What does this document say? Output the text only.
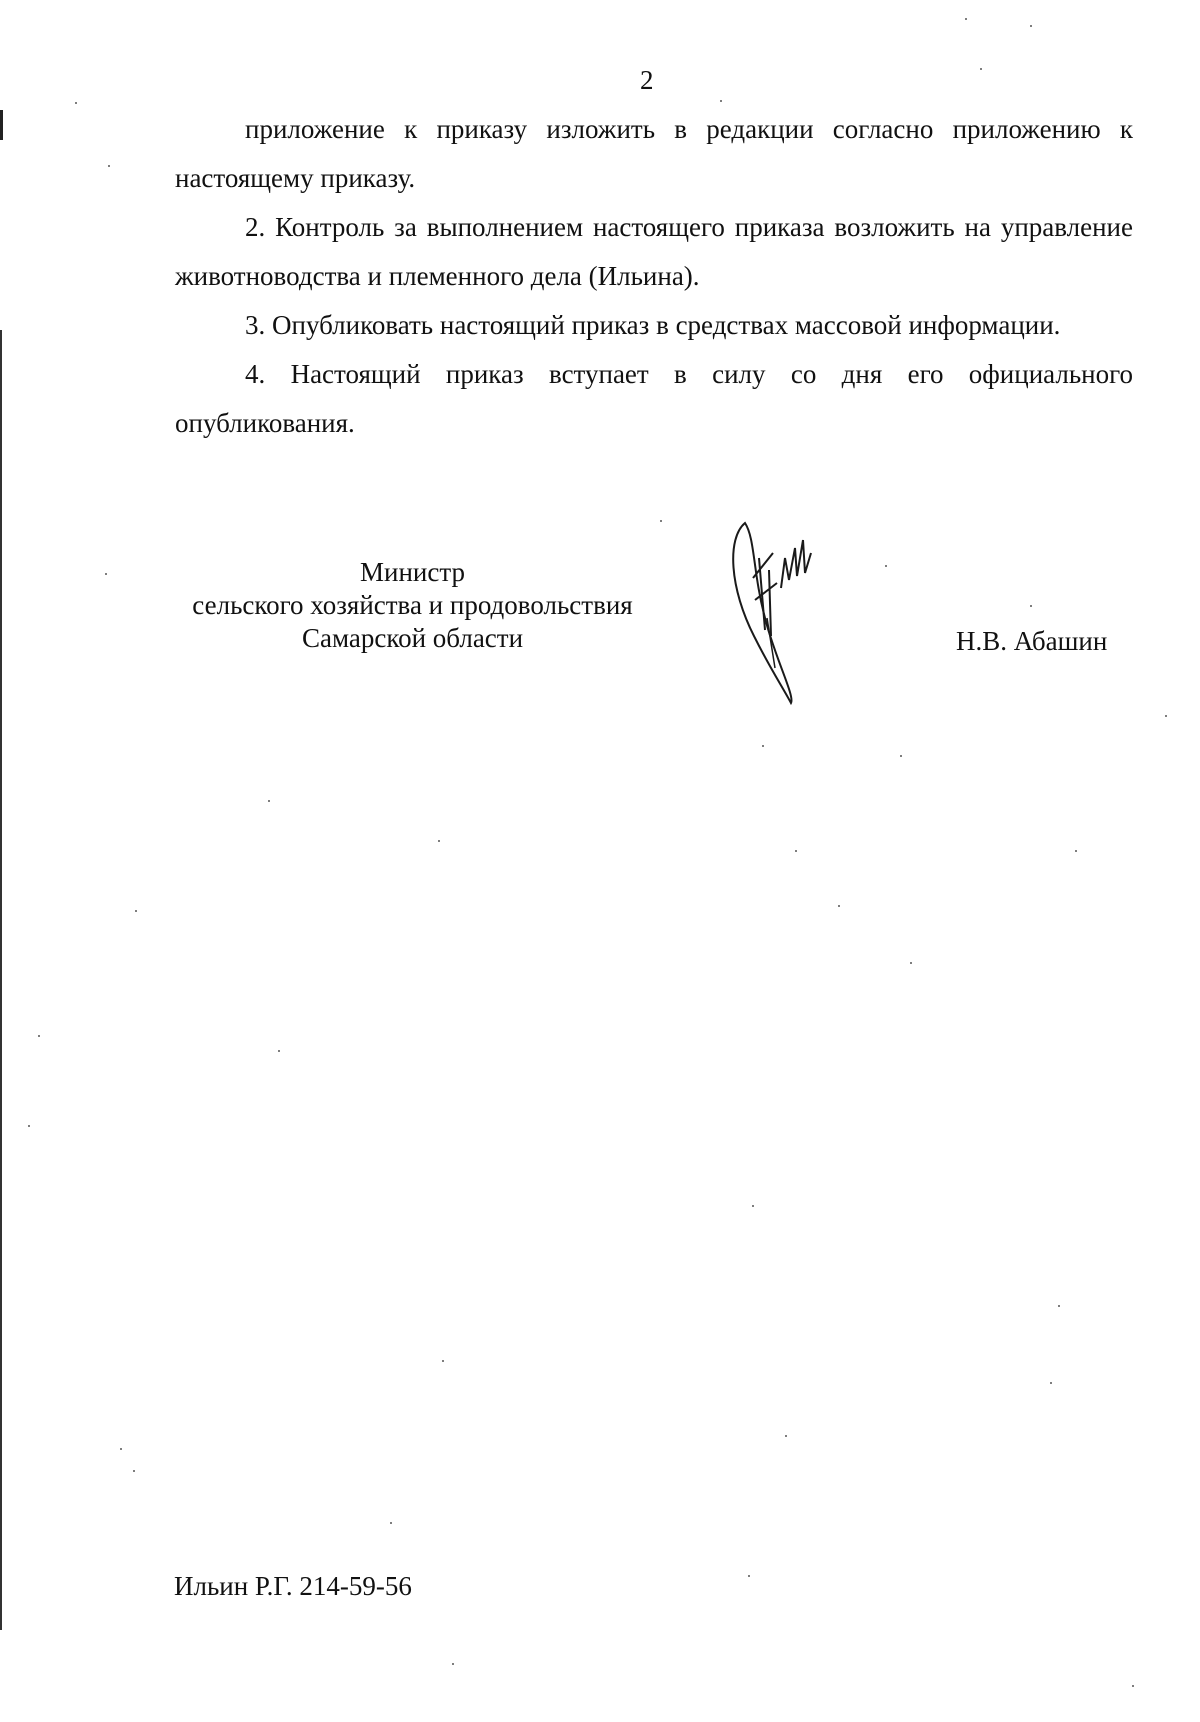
2

приложение к приказу изложить в редакции согласно приложению к настоящему приказу.

2. Контроль за выполнением настоящего приказа возложить на управление животноводства и племенного дела (Ильина).

3. Опубликовать настоящий приказ в средствах массовой информации.

4. Настоящий приказ вступает в силу со дня его официального опубликования.

Министр
сельского хозяйства и продовольствия
Самарской области	Н.В. Абашин
Ильин Р.Г. 214-59-56
